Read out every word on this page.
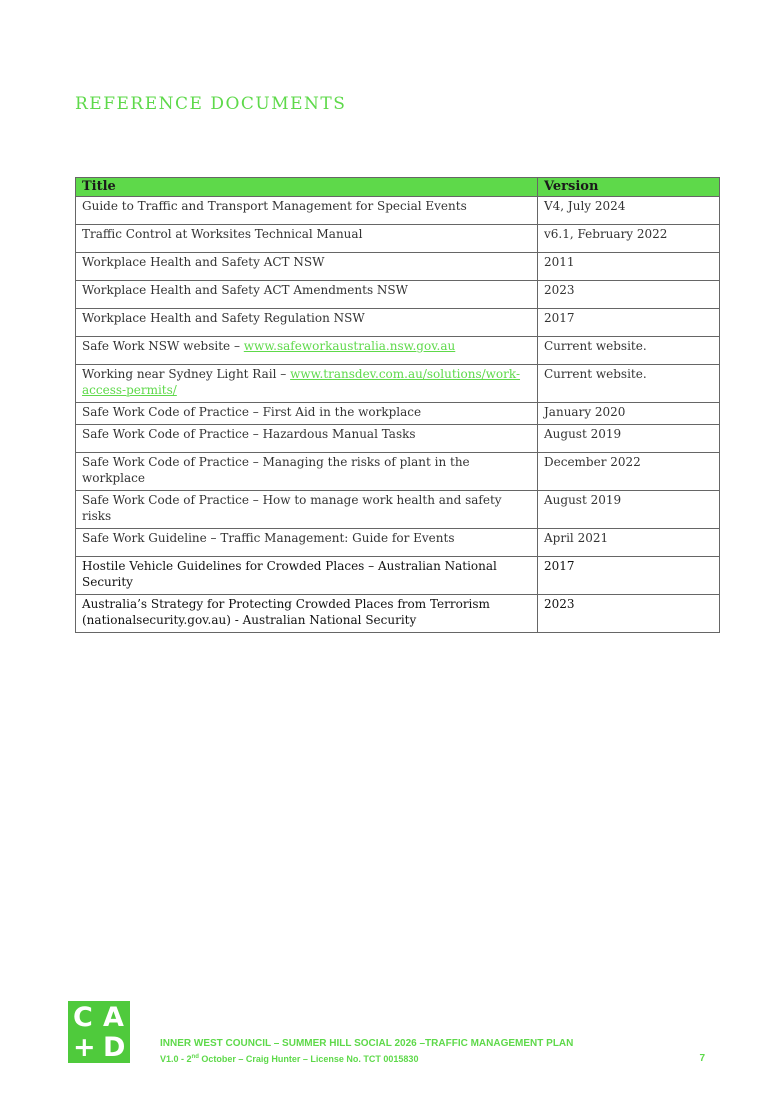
REFERENCE DOCUMENTS
Title	Version
Guide to Traffic and Transport Management for Special Events	V4, July 2024
Traffic Control at Worksites Technical Manual	v6.1, February 2022
Workplace Health and Safety ACT NSW	2011
Workplace Health and Safety ACT Amendments NSW	2023
Workplace Health and Safety Regulation NSW	2017
Safe Work NSW website – www.safeworkaustralia.nsw.gov.au	Current website.
Working near Sydney Light Rail – www.transdev.com.au/solutions/work-access-permits/	Current website.
Safe Work Code of Practice – First Aid in the workplace	January 2020
Safe Work Code of Practice – Hazardous Manual Tasks	August 2019
Safe Work Code of Practice – Managing the risks of plant in the workplace	December 2022
Safe Work Code of Practice – How to manage work health and safety risks	August 2019
Safe Work Guideline – Traffic Management: Guide for Events	April 2021
Hostile Vehicle Guidelines for Crowded Places – Australian National Security	2017
Australia’s Strategy for Protecting Crowded Places from Terrorism (nationalsecurity.gov.au) - Australian National Security	2023
C A
+ D	INNER WEST COUNCIL – SUMMER HILL SOCIAL 2026 –TRAFFIC MANAGEMENT PLAN
V1.0 - 2nd October – Craig Hunter – License No. TCT 0015830	7
